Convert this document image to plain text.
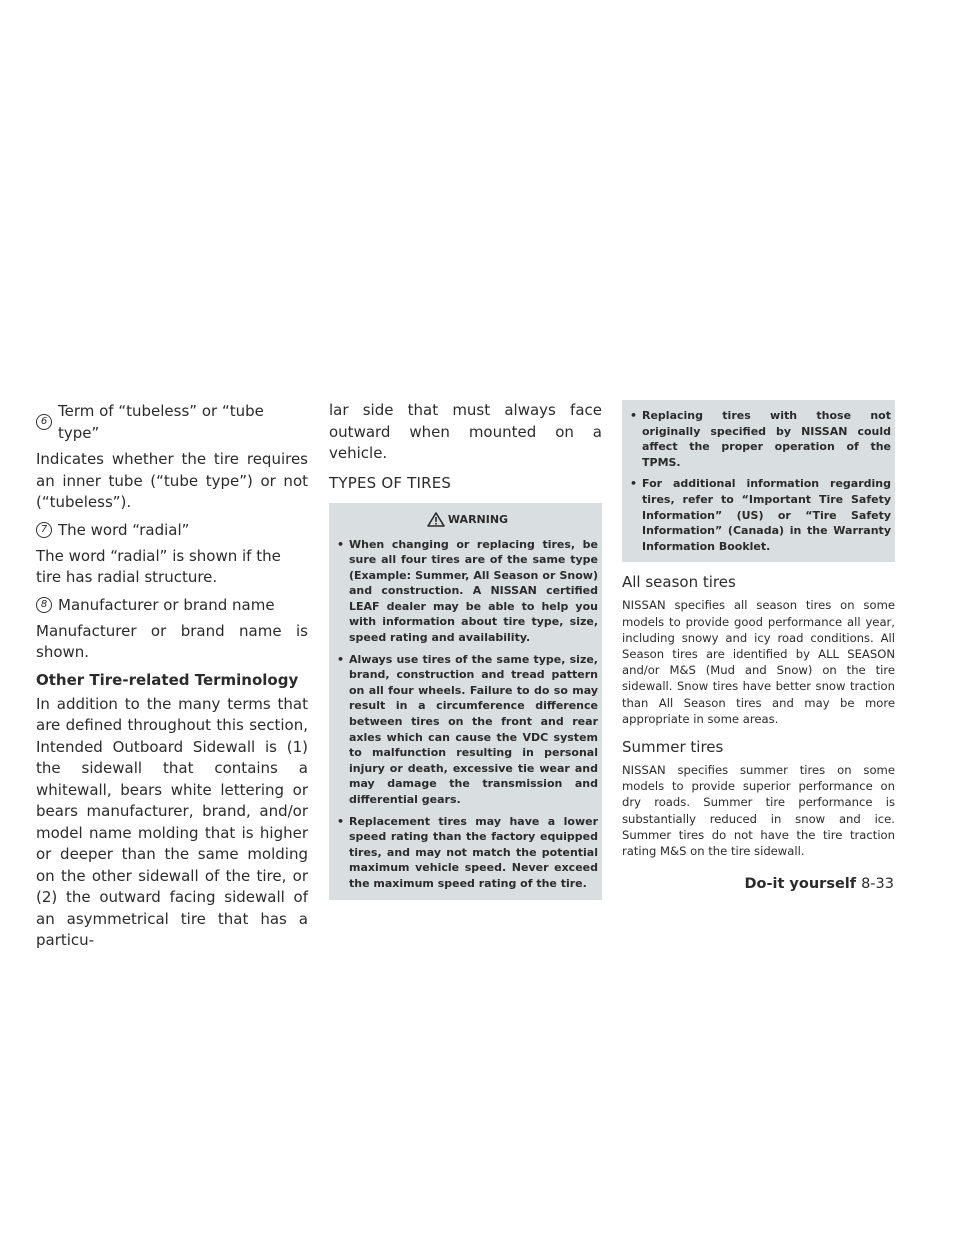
6
Term of “tubeless” or “tube type”

Indicates whether the tire requires an inner tube (“tube type”) or not (“tubeless”).

7 The word “radial”

The word “radial” is shown if the tire has radial structure.

8 Manufacturer or brand name

Manufacturer or brand name is shown.

Other Tire-related Terminology

In addition to the many terms that are defined throughout this section, Intended Outboard Sidewall is (1) the sidewall that contains a whitewall, bears white lettering or bears manufacturer, brand, and/or model name molding that is higher or deeper than the same molding on the other sidewall of the tire, or (2) the outward facing sidewall of an asymmetrical tire that has a particu-

lar side that must always face outward when mounted on a vehicle.

TYPES OF TIRES
WARNING
• When changing or replacing tires, be sure all four tires are of the same type (Example: Summer, All Season or Snow) and construction. A NISSAN certified LEAF dealer may be able to help you with information about tire type, size, speed rating and availability.
• Always use tires of the same type, size, brand, construction and tread pattern on all four wheels. Failure to do so may result in a circumference difference between tires on the front and rear axles which can cause the VDC system to malfunction resulting in personal injury or death, excessive tie wear and may damage the transmission and differential gears.
• Replacement tires may have a lower speed rating than the factory equipped tires, and may not match the potential maximum vehicle speed. Never exceed the maximum speed rating of the tire.
• Replacing tires with those not originally specified by NISSAN could affect the proper operation of the TPMS.
• For additional information regarding tires, refer to “Important Tire Safety Information” (US) or “Tire Safety Information” (Canada) in the Warranty Information Booklet.
All season tires

NISSAN specifies all season tires on some models to provide good performance all year, including snowy and icy road conditions. All Season tires are identified by ALL SEASON and/or M&S (Mud and Snow) on the tire sidewall. Snow tires have better snow traction than All Season tires and may be more appropriate in some areas.

Summer tires

NISSAN specifies summer tires on some models to provide superior performance on dry roads. Summer tire performance is substantially reduced in snow and ice. Summer tires do not have the tire traction rating M&S on the tire sidewall.

Do-it yourself 8-33
